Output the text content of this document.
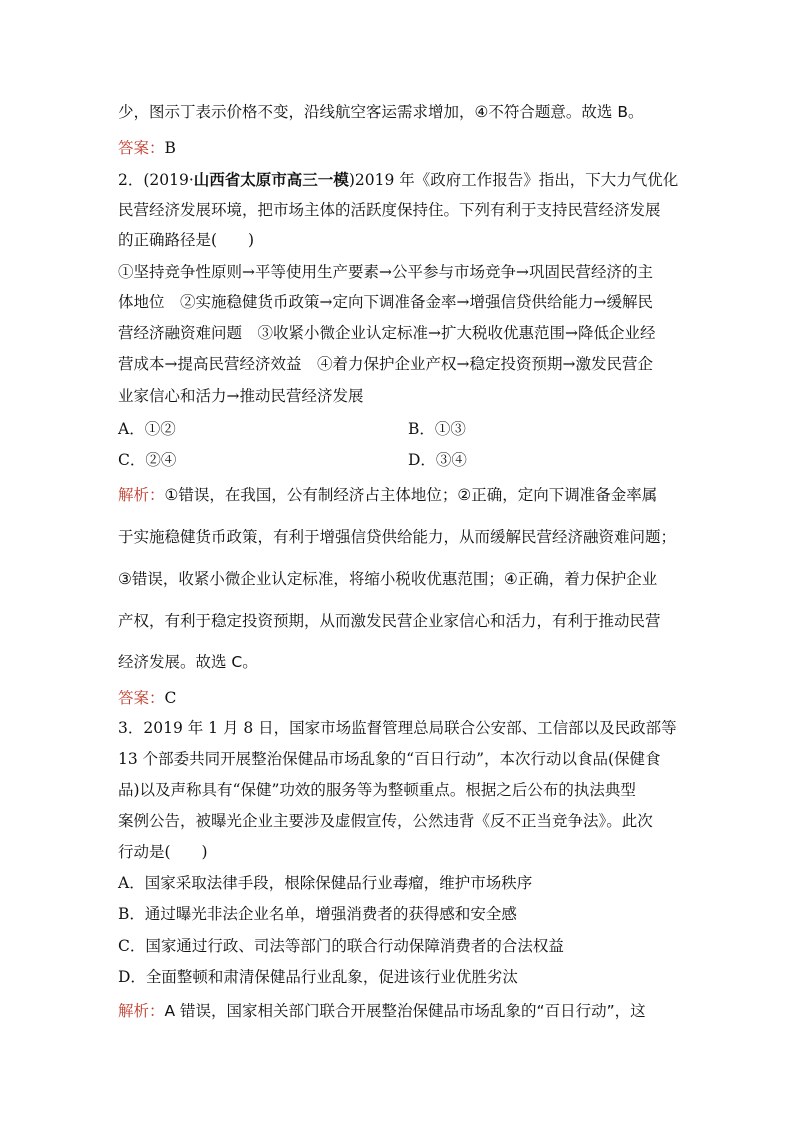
少，图示丁表示价格不变，沿线航空客运需求增加，④不符合题意。故选 B。
答案：B
2．(2019·山西省太原市高三一模)2019 年《政府工作报告》指出，下大力气优化
民营经济发展环境，把市场主体的活跃度保持住。下列有利于支持民营经济发展
的正确路径是(　　)
①坚持竞争性原则→平等使用生产要素→公平参与市场竞争→巩固民营经济的主
体地位　②实施稳健货币政策→定向下调准备金率→增强信贷供给能力→缓解民
营经济融资难问题　③收紧小微企业认定标准→扩大税收优惠范围→降低企业经
营成本→提高民营经济效益　④着力保护企业产权→稳定投资预期→激发民营企
业家信心和活力→推动民营经济发展
A．①②	B．①③
C．②④	D．③④
解析：①错误，在我国，公有制经济占主体地位；②正确，定向下调准备金率属
于实施稳健货币政策，有利于增强信贷供给能力，从而缓解民营经济融资难问题；
③错误，收紧小微企业认定标准，将缩小税收优惠范围；④正确，着力保护企业
产权，有利于稳定投资预期，从而激发民营企业家信心和活力，有利于推动民营
经济发展。故选 C。
答案：C
3．2019 年 1 月 8 日，国家市场监督管理总局联合公安部、工信部以及民政部等
13 个部委共同开展整治保健品市场乱象的“百日行动”，本次行动以食品(保健食
品)以及声称具有“保健”功效的服务等为整顿重点。根据之后公布的执法典型
案例公告，被曝光企业主要涉及虚假宣传，公然违背《反不正当竞争法》。此次
行动是(　　)
A．国家采取法律手段，根除保健品行业毒瘤，维护市场秩序
B．通过曝光非法企业名单，增强消费者的获得感和安全感
C．国家通过行政、司法等部门的联合行动保障消费者的合法权益
D．全面整顿和肃清保健品行业乱象，促进该行业优胜劣汰
解析：A 错误，国家相关部门联合开展整治保健品市场乱象的“百日行动”，这
